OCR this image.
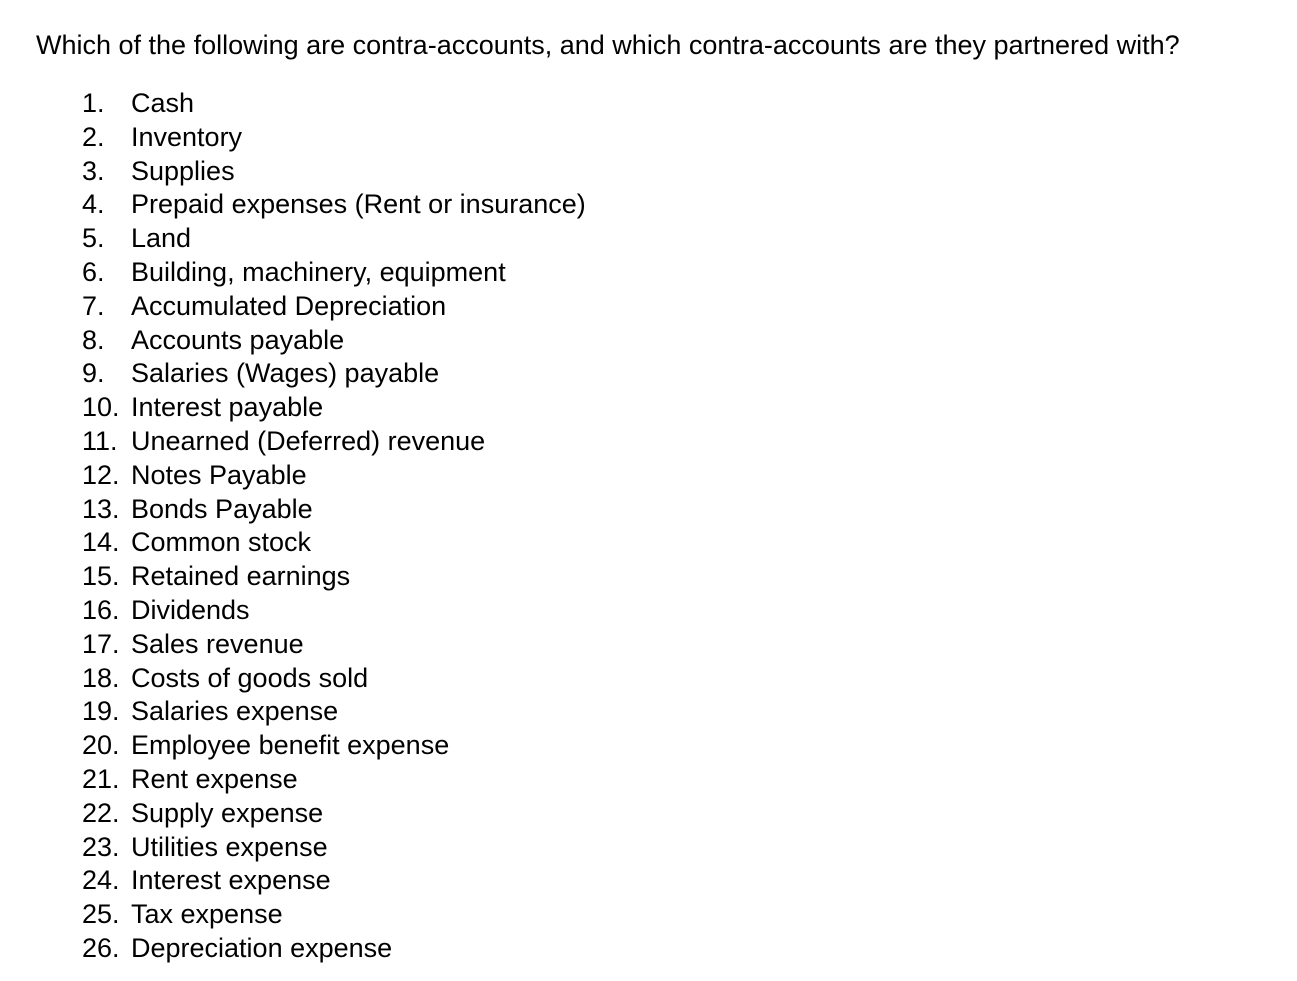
Which of the following are contra-accounts, and which contra-accounts are they partnered with?

1. Cash
2. Inventory
3. Supplies
4. Prepaid expenses (Rent or insurance)
5. Land
6. Building, machinery, equipment
7. Accumulated Depreciation
8. Accounts payable
9. Salaries (Wages) payable
10. Interest payable
11. Unearned (Deferred) revenue
12. Notes Payable
13. Bonds Payable
14. Common stock
15. Retained earnings
16. Dividends
17. Sales revenue
18. Costs of goods sold
19. Salaries expense
20. Employee benefit expense
21. Rent expense
22. Supply expense
23. Utilities expense
24. Interest expense
25. Tax expense
26. Depreciation expense
